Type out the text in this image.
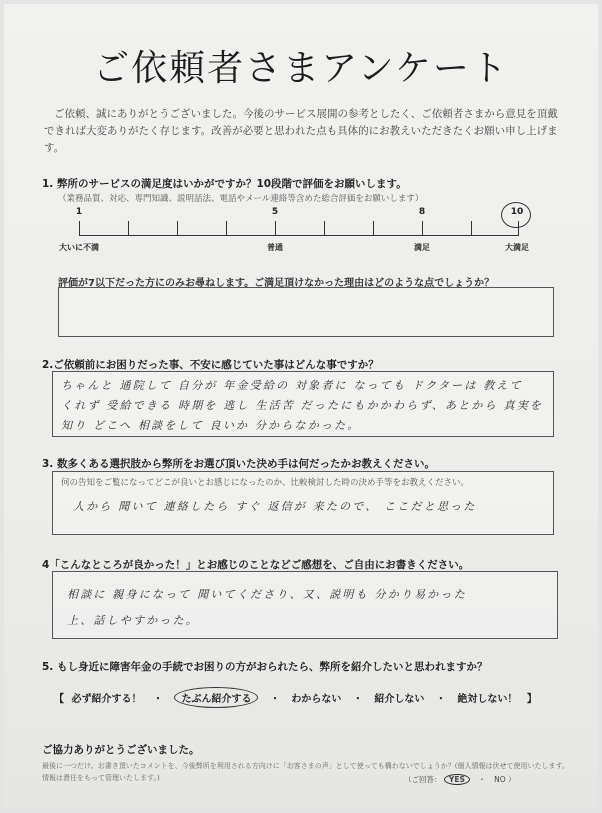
ご依頼者さまアンケート
ご依頼、誠にありがとうございました。今後のサービス展開の参考としたく、ご依頼者さまから意見を頂戴できれば大変ありがたく存じます。改善が必要と思われた点も具体的にお教えいただきたくお願い申し上げます。
1. 弊所のサービスの満足度はいかがですか？10段階で評価をお願いします。
（業務品質、対応、専門知識、説明話法、電話やメール連絡等含めた総合評価をお願いします）
1	5	8	10
大いに不満	普通	満足	大満足
評価が7以下だった方にのみお尋ねします。ご満足頂けなかった理由はどのような点でしょうか？
2.ご依頼前にお困りだった事、不安に感じていた事はどんな事ですか？
ちゃんと 通院して 自分が 年金受給の 対象者に なっても ドクターは 教えて
くれず 受給できる 時期を 逃し 生活苦 だったにもかかわらず、あとから 真実を
知り どこへ 相談をして 良いか 分からなかった。
3. 数多くある選択肢から弊所をお選び頂いた決め手は何だったかお教えください。
何の告知をご覧になってどこが良いとお感じになったのか、比較検討した時の決め手等をお教えください。
人から 聞いて 連絡したら すぐ 返信が 来たので、 ここだと思った
4「こんなところが良かった！」とお感じのことなどご感想を、ご自由にお書きください。
相談に 親身になって 聞いてくださり、又、説明も 分かり易かった
上、話しやすかった。
5. もし身近に障害年金の手続でお困りの方がおられたら、弊所を紹介したいと思われますか？
【 必ず紹介する！ ・ たぶん紹介する ・ わからない ・ 紹介しない ・ 絶対しない！ 】
ご協力ありがとうございました。
最後に一つだけ。お書き頂いたコメントを、今後弊所を利用される方向けに「お客さまの声」として使っても構わないでしょうか？(個人情報は伏せて使用いたします。情報は責任をもって管理いたします。)	（ご回答： YES ・ NO ）
